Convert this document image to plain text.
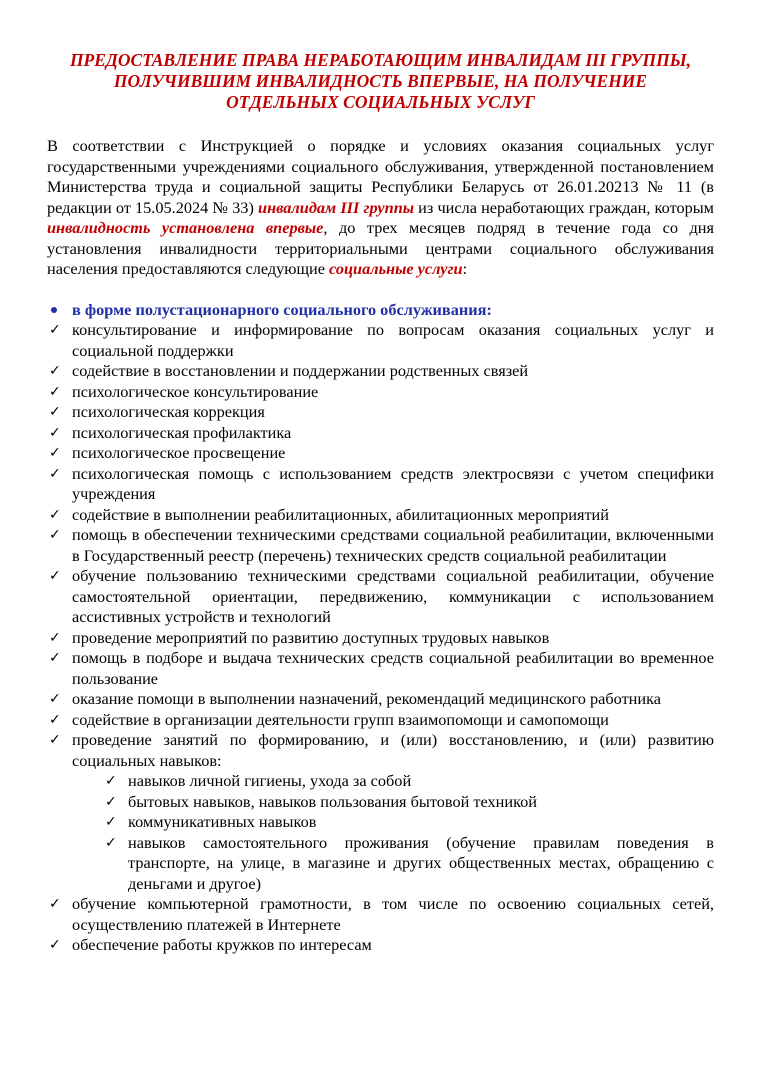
ПРЕДОСТАВЛЕНИЕ ПРАВА НЕРАБОТАЮЩИМ ИНВАЛИДАМ III ГРУППЫ,
ПОЛУЧИВШИМ ИНВАЛИДНОСТЬ ВПЕРВЫЕ, НА ПОЛУЧЕНИЕ
ОТДЕЛЬНЫХ СОЦИАЛЬНЫХ УСЛУГ

В соответствии с Инструкцией о порядке и условиях оказания социальных услуг государственными учреждениями социального обслуживания, утвержденной постановлением Министерства труда и социальной защиты Республики Беларусь от 26.01.20213 № 11 (в редакции от 15.05.2024 № 33) инвалидам III группы из числа неработающих граждан, которым инвалидность установлена впервые, до трех месяцев подряд в течение года со дня установления инвалидности территориальными центрами социального обслуживания населения предоставляются следующие социальные услуги:

в форме полустационарного социального обслуживания:
✓ консультирование и информирование по вопросам оказания социальных услуг и социальной поддержки
✓ содействие в восстановлении и поддержании родственных связей
✓ психологическое консультирование
✓ психологическая коррекция
✓ психологическая профилактика
✓ психологическое просвещение
✓ психологическая помощь с использованием средств электросвязи с учетом специфики учреждения
✓ содействие в выполнении реабилитационных, абилитационных мероприятий
✓ помощь в обеспечении техническими средствами социальной реабилитации, включенными в Государственный реестр (перечень) технических средств социальной реабилитации
✓ обучение пользованию техническими средствами социальной реабилитации, обучение самостоятельной ориентации, передвижению, коммуникации с использованием ассистивных устройств и технологий
✓ проведение мероприятий по развитию доступных трудовых навыков
✓ помощь в подборе и выдача технических средств социальной реабилитации во временное пользование
✓ оказание помощи в выполнении назначений, рекомендаций медицинского работника
✓ содействие в организации деятельности групп взаимопомощи и самопомощи
✓ проведение занятий по формированию, и (или) восстановлению, и (или) развитию социальных навыков:
✓ навыков личной гигиены, ухода за собой
✓ бытовых навыков, навыков пользования бытовой техникой
✓ коммуникативных навыков
✓ навыков самостоятельного проживания (обучение правилам поведения в транспорте, на улице, в магазине и других общественных местах, обращению с деньгами и другое)
✓ обучение компьютерной грамотности, в том числе по освоению социальных сетей, осуществлению платежей в Интернете
✓ обеспечение работы кружков по интересам
